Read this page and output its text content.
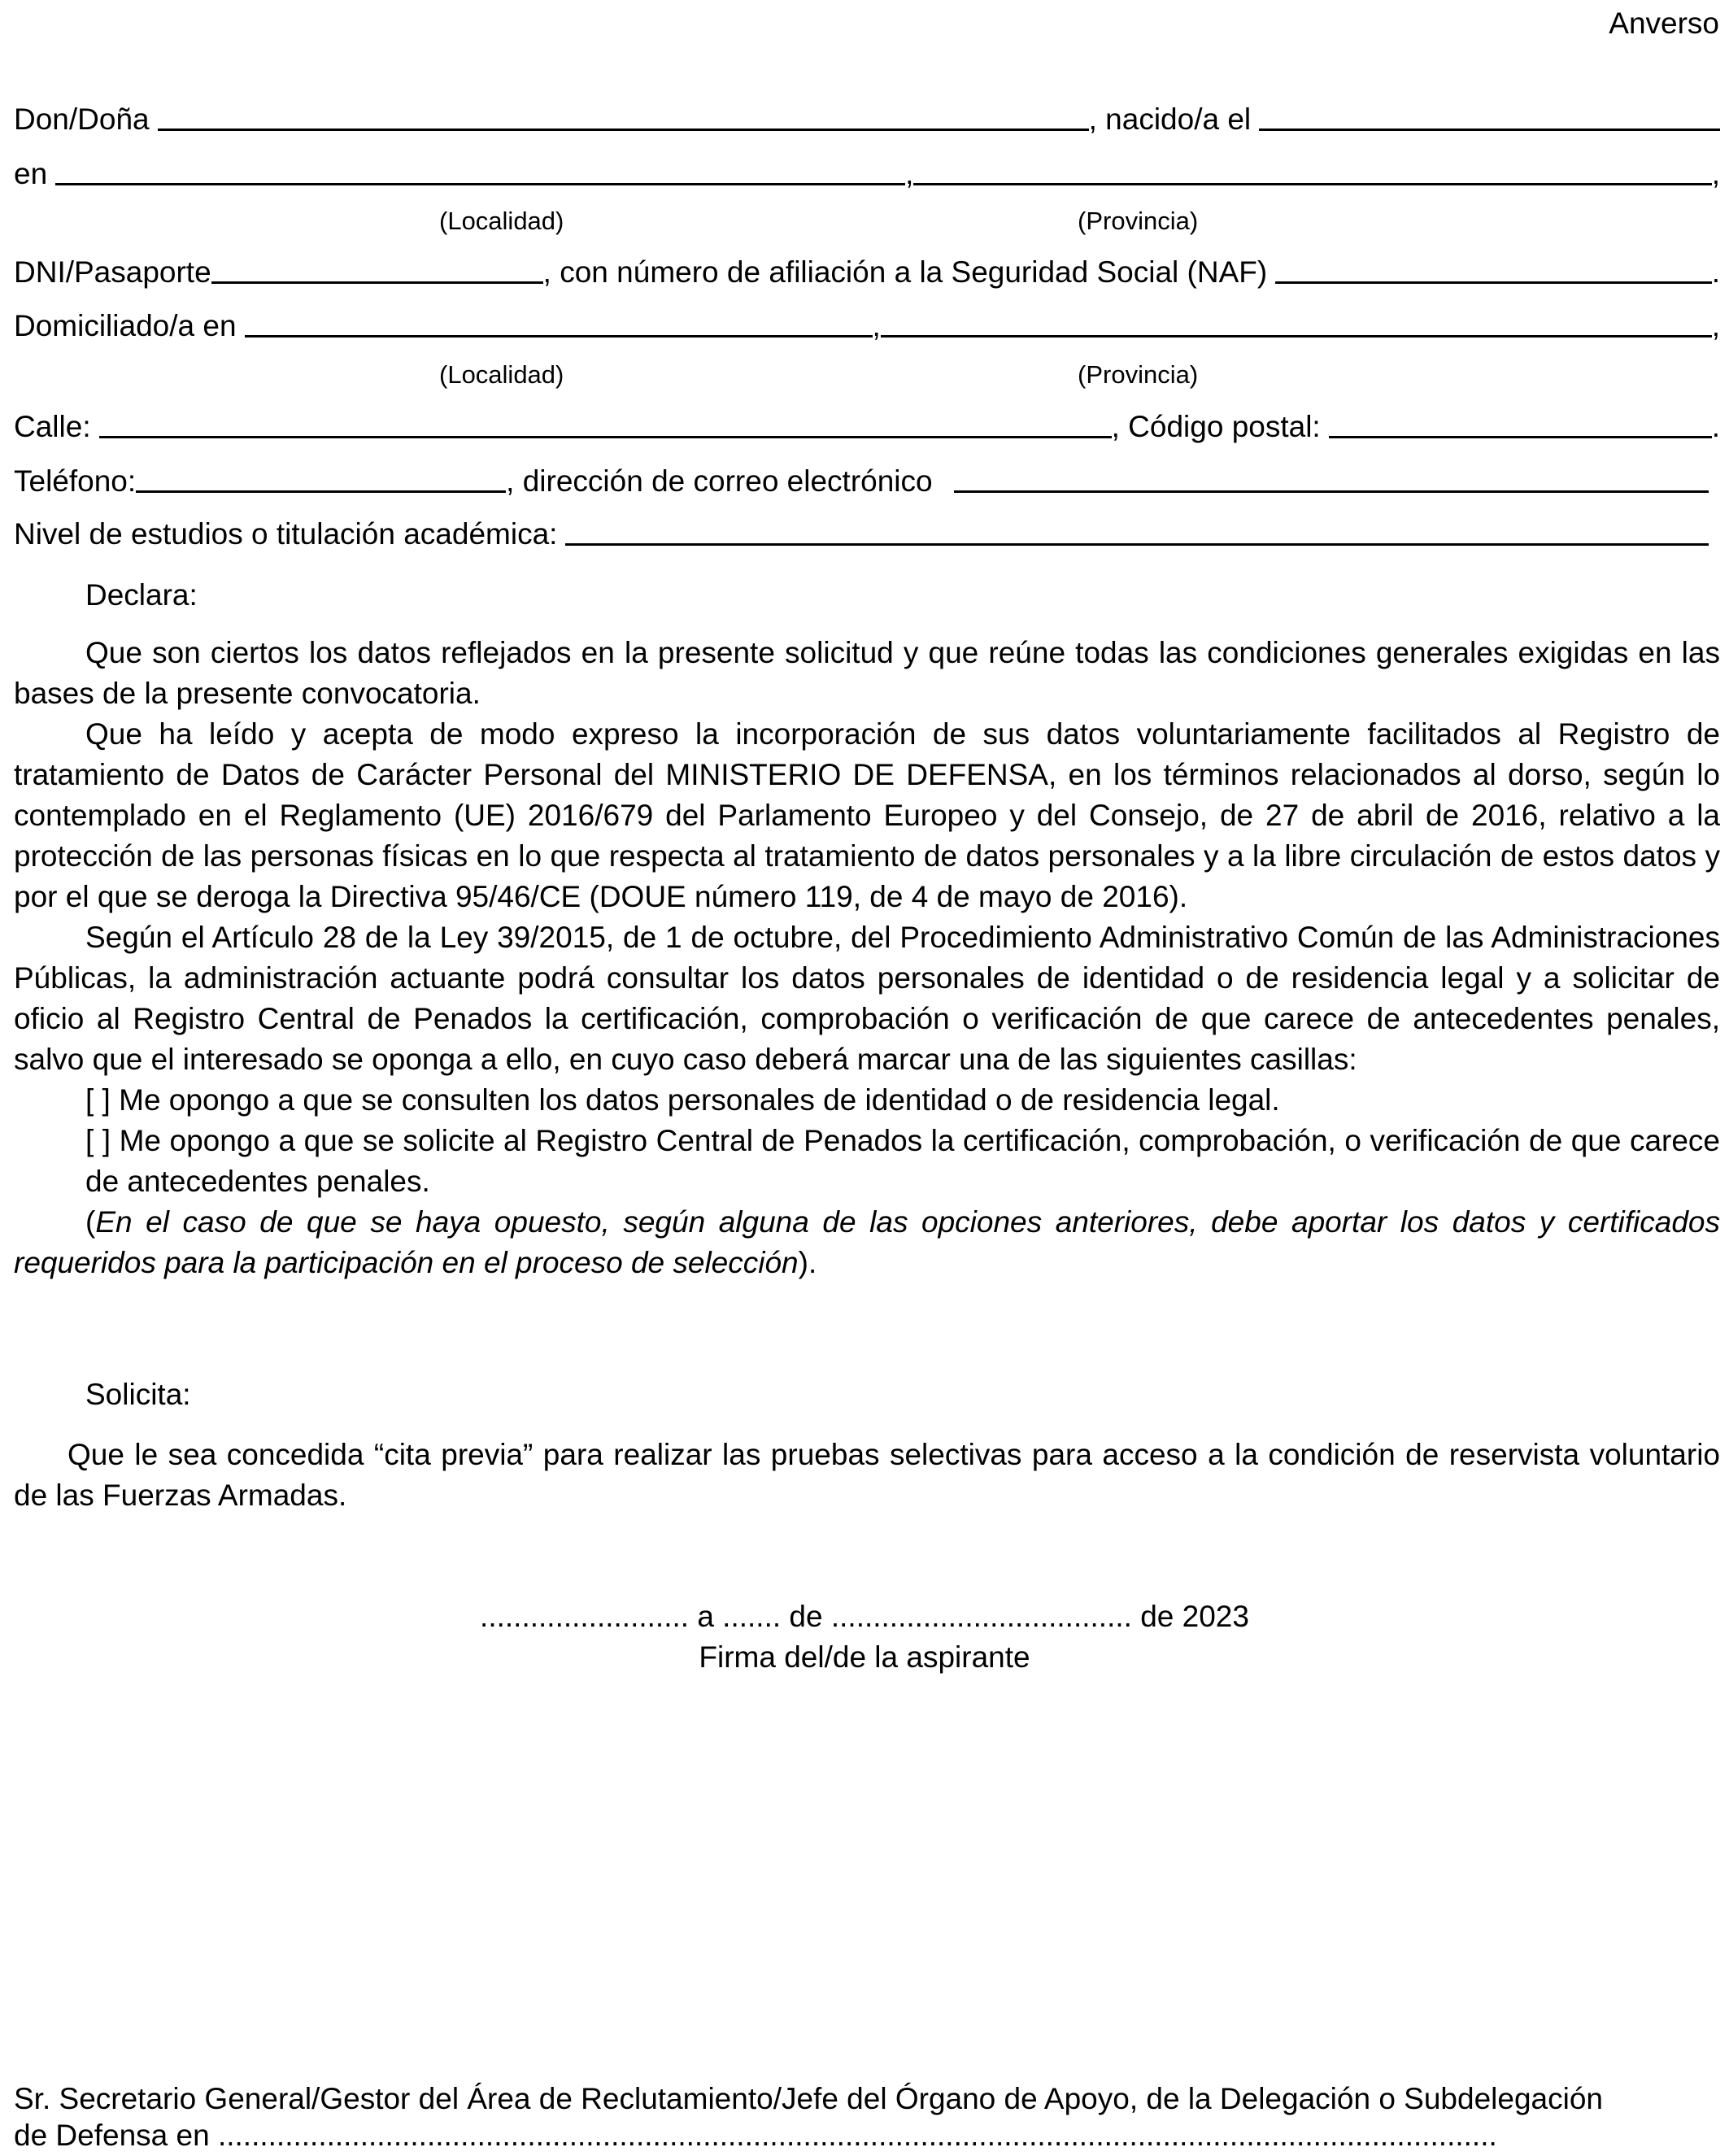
Anverso
Don/Doña	, nacido/a el
en	,	,
(Localidad)	(Provincia)
DNI/Pasaporte	, con número de afiliación a la Seguridad Social (NAF)	.
Domiciliado/a en	,	,
(Localidad)	(Provincia)
Calle:	, Código postal:	.
Teléfono:	, dirección de correo electrónico
Nivel de estudios o titulación académica:
Declara:

Que son ciertos los datos reflejados en la presente solicitud y que reúne todas las condiciones generales exigidas en las bases de la presente convocatoria.

Que ha leído y acepta de modo expreso la incorporación de sus datos voluntariamente facilitados al Registro de tratamiento de Datos de Carácter Personal del MINISTERIO DE DEFENSA, en los términos relacionados al dorso, según lo contemplado en el Reglamento (UE) 2016/679 del Parlamento Europeo y del Consejo, de 27 de abril de 2016, relativo a la protección de las personas físicas en lo que respecta al tratamiento de datos personales y a la libre circulación de estos datos y por el que se deroga la Directiva 95/46/CE (DOUE número 119, de 4 de mayo de 2016).

Según el Artículo 28 de la Ley 39/2015, de 1 de octubre, del Procedimiento Administrativo Común de las Administraciones Públicas, la administración actuante podrá consultar los datos personales de identidad o de residencia legal y a solicitar de oficio al Registro Central de Penados la certificación, comprobación o verificación de que carece de antecedentes penales, salvo que el interesado se oponga a ello, en cuyo caso deberá marcar una de las siguientes casillas:

[ ] Me opongo a que se consulten los datos personales de identidad o de residencia legal.

[ ] Me opongo a que se solicite al Registro Central de Penados la certificación, comprobación, o verificación de que carece de antecedentes penales.

(En el caso de que se haya opuesto, según alguna de las opciones anteriores, debe aportar los datos y certificados requeridos para la participación en el proceso de selección).

Solicita:

Que le sea concedida “cita previa” para realizar las pruebas selectivas para acceso a la condición de reservista voluntario de las Fuerzas Armadas.

......................... a ....... de .................................... de 2023
Firma del/de la aspirante
Sr. Secretario General/Gestor del Área de Reclutamiento/Jefe del Órgano de Apoyo, de la Delegación o Subdelegación
de Defensa en .........................................................................................................................................................
